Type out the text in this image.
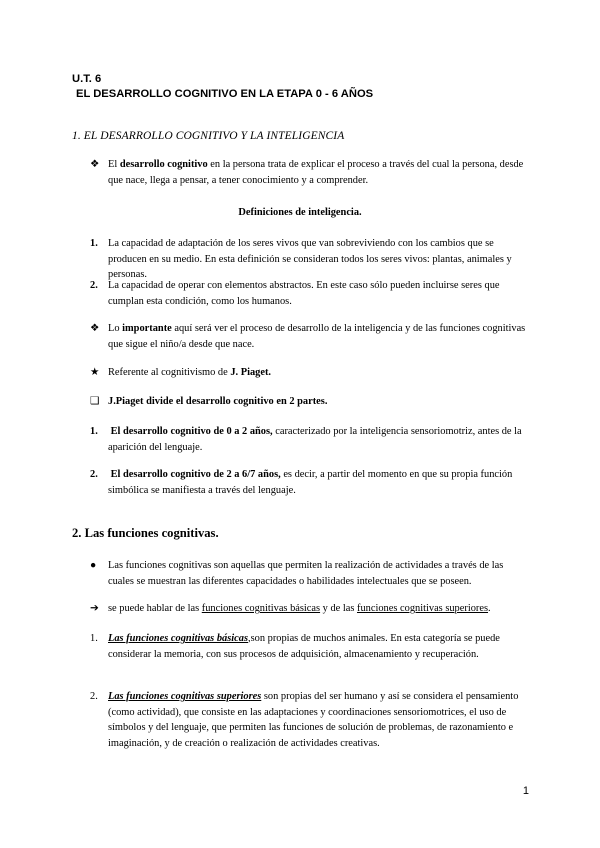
U.T. 6
EL DESARROLLO COGNITIVO EN LA ETAPA 0 - 6 AÑOS
1. EL DESARROLLO COGNITIVO Y LA INTELIGENCIA
❖ El desarrollo cognitivo en la persona trata de explicar el proceso a través del cual la persona, desde que nace, llega a pensar, a tener conocimiento y a comprender.
Definiciones de inteligencia.
1. La capacidad de adaptación de los seres vivos que van sobreviviendo con los cambios que se producen en su medio. En esta definición se consideran todos los seres vivos: plantas, animales y personas.
2. La capacidad de operar con elementos abstractos. En este caso sólo pueden incluirse seres que cumplan esta condición, como los humanos.
❖ Lo importante aquí será ver el proceso de desarrollo de la inteligencia y de las funciones cognitivas que sigue el niño/a desde que nace.
★ Referente al cognitivismo de J. Piaget.
❑ J.Piaget divide el desarrollo cognitivo en 2 partes.
1. El desarrollo cognitivo de 0 a 2 años, caracterizado por la inteligencia sensoriomotriz, antes de la aparición del lenguaje.
2. El desarrollo cognitivo de 2 a 6/7 años, es decir, a partir del momento en que su propia función simbólica se manifiesta a través del lenguaje.
2. Las funciones cognitivas.
●	Las funciones cognitivas son aquellas que permiten la realización de actividades a través de las cuales se muestran las diferentes capacidades o habilidades intelectuales que se poseen.
➔ se puede hablar de las funciones cognitivas básicas y de las funciones cognitivas superiores.
1. Las funciones cognitivas básicas,son propias de muchos animales. En esta categoría se puede considerar la memoria, con sus procesos de adquisición, almacenamiento y recuperación.
2. Las funciones cognitivas superiores son propias del ser humano y así se considera el pensamiento (como actividad), que consiste en las adaptaciones y coordinaciones sensoriomotrices, el uso de símbolos y del lenguaje, que permiten las funciones de solución de problemas, de razonamiento e imaginación, y de creación o realización de actividades creativas.
1
